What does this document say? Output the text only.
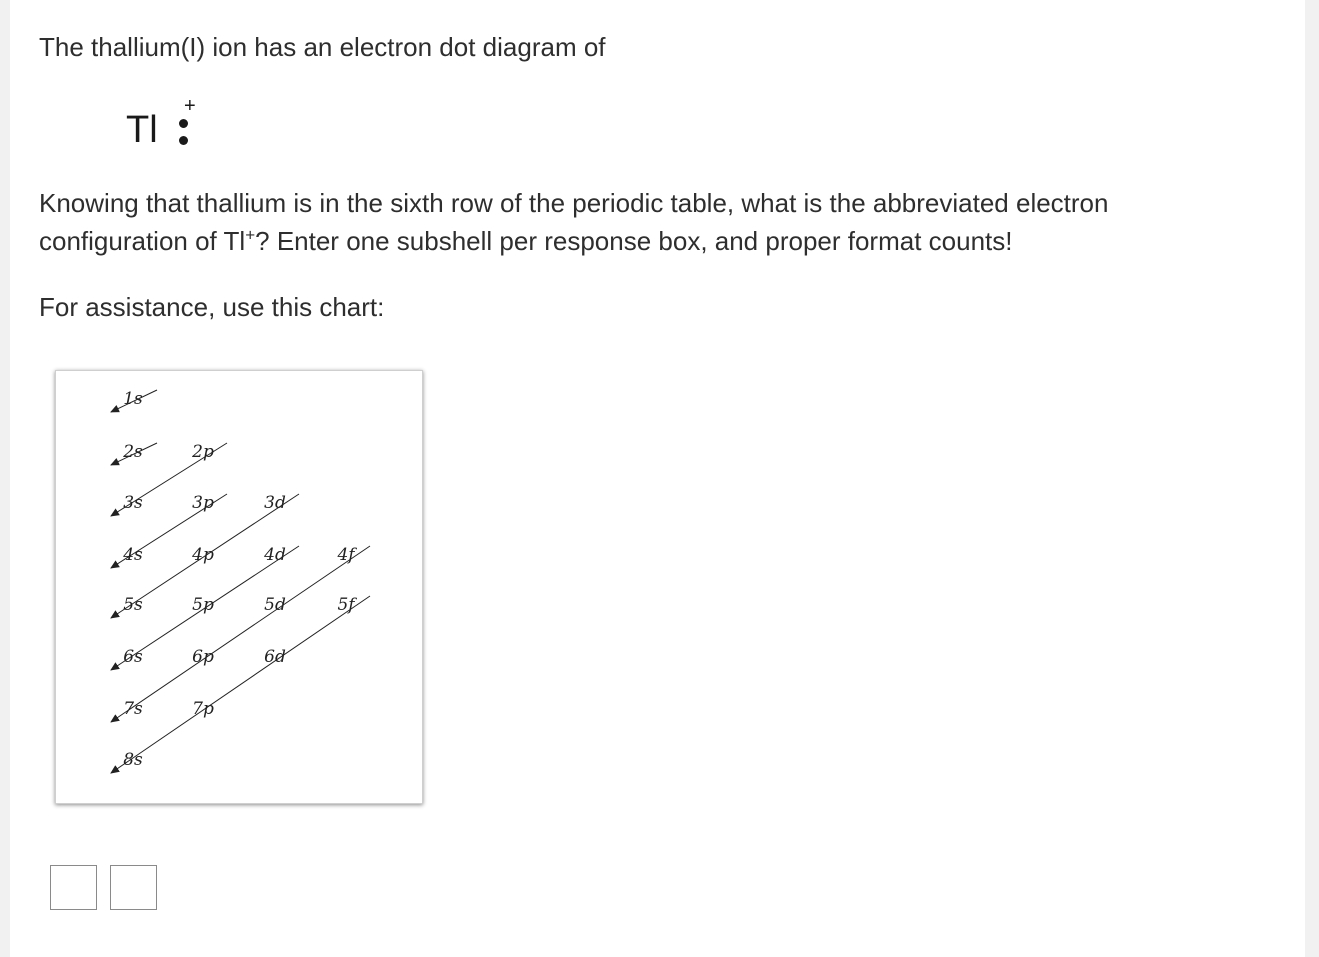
The thallium(I) ion has an electron dot diagram of

Tl
+

Knowing that thallium is in the sixth row of the periodic table, what is the abbreviated electron
configuration of Tl+? Enter one subshell per response box, and proper format counts!

For assistance, use this chart:

1s
2s	2p
3s	3p	3d
4s	4p	4d	4f
5s	5p	5d	5f
6s	6p	6d
7s	7p
8s
